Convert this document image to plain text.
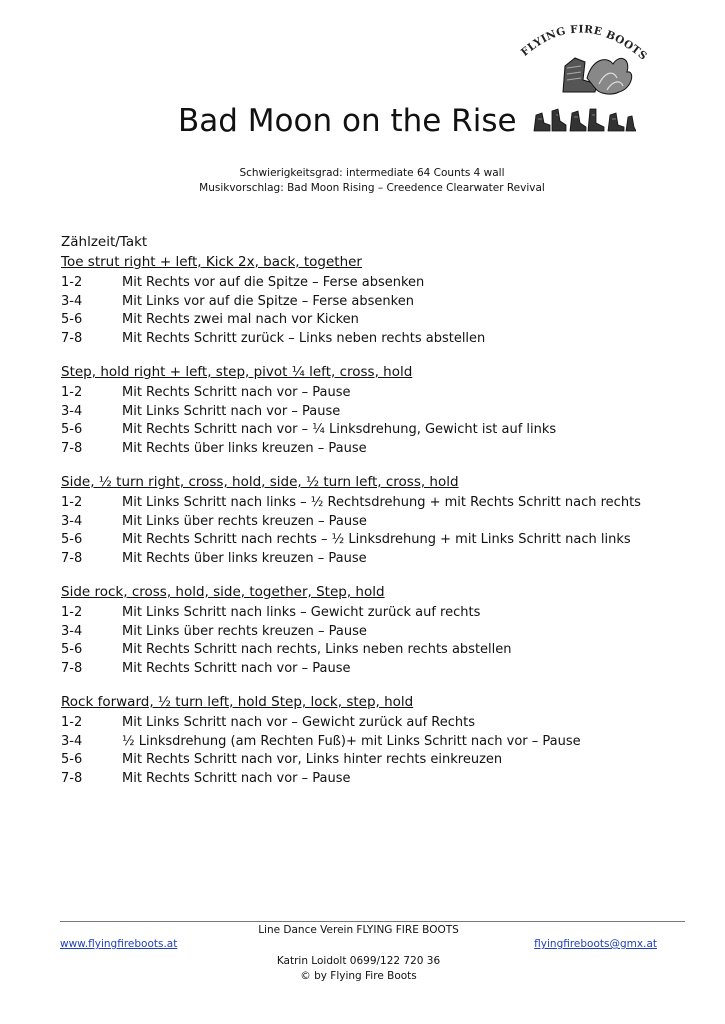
FLYING FIRE BOOTS
Bad Moon on the Rise
Schwierigkeitsgrad: intermediate 64 Counts 4 wall
Musikvorschlag: Bad Moon Rising – Creedence Clearwater Revival
Zählzeit/Takt
Toe strut right + left, Kick 2x, back, together
1-2	Mit Rechts vor auf die Spitze – Ferse absenken
3-4	Mit Links vor auf die Spitze – Ferse absenken
5-6	Mit Rechts zwei mal nach vor Kicken
7-8	Mit Rechts Schritt zurück – Links neben rechts abstellen
Step, hold right + left, step, pivot ¼ left, cross, hold
1-2	Mit Rechts Schritt nach vor – Pause
3-4	Mit Links Schritt nach vor – Pause
5-6	Mit Rechts Schritt nach vor – ¼ Linksdrehung, Gewicht ist auf links
7-8	Mit Rechts über links kreuzen – Pause
Side, ½ turn right, cross, hold, side, ½ turn left, cross, hold
1-2	Mit Links Schritt nach links – ½ Rechtsdrehung + mit Rechts Schritt nach rechts
3-4	Mit Links über rechts kreuzen – Pause
5-6	Mit Rechts Schritt nach rechts – ½ Linksdrehung + mit Links Schritt nach links
7-8	Mit Rechts über links kreuzen – Pause
Side rock, cross, hold, side, together, Step, hold
1-2	Mit Links Schritt nach links – Gewicht zurück auf rechts
3-4	Mit Links über rechts kreuzen – Pause
5-6	Mit Rechts Schritt nach rechts, Links neben rechts abstellen
7-8	Mit Rechts Schritt nach vor – Pause
Rock forward, ½ turn left, hold Step, lock, step, hold
1-2	Mit Links Schritt nach vor – Gewicht zurück auf Rechts
3-4	½ Linksdrehung (am Rechten Fuß)+ mit Links Schritt nach vor – Pause
5-6	Mit Rechts Schritt nach vor, Links hinter rechts einkreuzen
7-8	Mit Rechts Schritt nach vor – Pause
Line Dance Verein FLYING FIRE BOOTS
www.flyingfireboots.at	flyingfireboots@gmx.at
Katrin Loidolt 0699/122 720 36
© by Flying Fire Boots
